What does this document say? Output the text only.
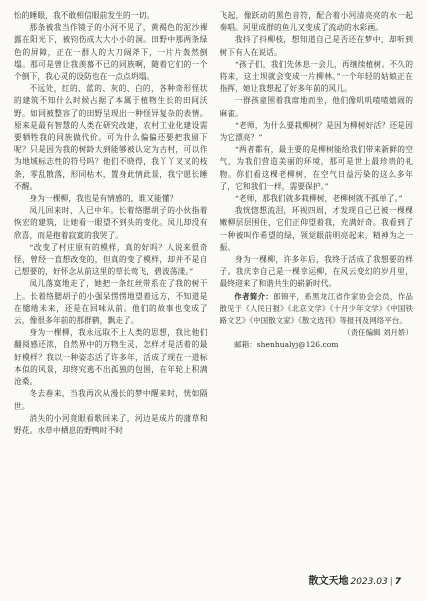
忪的睡眼，我不敢相信眼前发生的一切。

那条被我当作镜子的小河不见了，黄褐色的泥沙裸露在阳光下，被钧伤成大大小小的洞。田野中那两条绿色的屏障，正在一群人的大刀阔斧下，一片片轰然倒塌。那可是曾让我羡慕不已的同族啊，随着它们的一个个倒下，我心灵的设防也在一点点坍塌。

不远处，红的、蓝的、灰的、白的，各种奇形怪状的建筑不知什么时候占据了本属于植物生长的田间沃野。如同被整容了的田野呈现出一种怪异复杂的表情。原来是最有智慧的人类在研究改建，农村工业化建设需要牺牲我的同族做代价。可为什么偏偏还要把我留下呢？只是因为我的树龄大到能够被认定为古村，可以作为地域标志性的符号吗？他们不晓得，我丫丫叉叉的枝条，零乱散落，形同枯木，置身此情此景，我宁愿长睡不醒。

身为一棵柳，我也是有情感的，谁又能懂？

凤儿回来时，人已中年。长着络腮胡子的小伙指着恢宏的建筑，让她看一眼望不到头的变化。凤儿却没有欣喜，而是抱着寂寞的我哭了。

“改变了村庄原有的模样，真的好吗？人说来很奇怪，曾经一直想改变的，但真的变了模样，却并不是自己想要的，好怀念从前这里的草长莺飞，碧波荡漾。”

凤儿落寞地走了，她把一条红丝带系在了我的树干上。长着络腮胡子的小强呆愣愣地望着远方，不知道是在缱绻未来，还是在回味从前。他们的故事也变成了云，像很多年前的那群鹤，飘走了。

身为一棵柳，我永远取不上人类的思想，我比他们翻阅感还浓，自然界中的万物生灵，怎样才是活着的最好模样？我以一种姿态活了许多年，活成了现在一道标本似的风景，却终究逃不出孤独的包围，在年轮上积满沧桑。

冬去春来，当我再次从漫长的梦中醒来时，恍如隔世。

消失的小河竟眼看歌回来了，河边是成片的蒲草和野花。水草中栖息的野鸭时不时

飞起，像跃动的黑色音符，配合着小河清亮亮的水一起奏唱。河里成群的鱼儿又变成了流动的水彩画。

我抖了抖柳枝，想知道自己是否还在梦中，却听到树下有人在说话。

“孩子们，我们先休息一会儿，再继续植树。不久的将来，这土坝就会变成一片柳林。”一个年轻的姑娘正在指挥，她让我想起了好多年前的风儿。

一群孩童围着我席地而坐，他们像叽叽喳喳嬉闹的麻雀。

“老师，为什么要栽柳树？是因为柳树好活？还是因为它漂亮？”

“两者都有，最主要的是柳树能给我们带来新鲜的空气，为我们营造美丽的环境，那可是世上最珍贵的礼物。你们看这棵老柳树，在空气日益污染的这么多年了，它和我们一样，需要保护。”

“老师，那我们就多栽柳树，老柳树就不孤单了。”

我恍惚想流泪，环视四周，才发现自己已被一棵棵嫩柳层层围住，它们正仰望着我，充满好奇。我看到了一种被叫作希望的绿，领觉眼前明亮起来，精神为之一振。

身为一棵柳，许多年后，我终于活成了我想要的样子。我庆幸自己是一棵幸运柳，在风云变幻的岁月里，最终迎来了和谐共生的崭新时代。

作者简介：郎锦平，系黑龙江省作家协会会员，作品散见于《人民日报》《北京文学》《十月少年文学》《中国铁路文艺》《中国散文家》《散文选刊》等报刊及网络平台。

（责任编辑 刘月娇）

邮箱：shenhualyj@126.com

散文天地 2023.03 | 7
